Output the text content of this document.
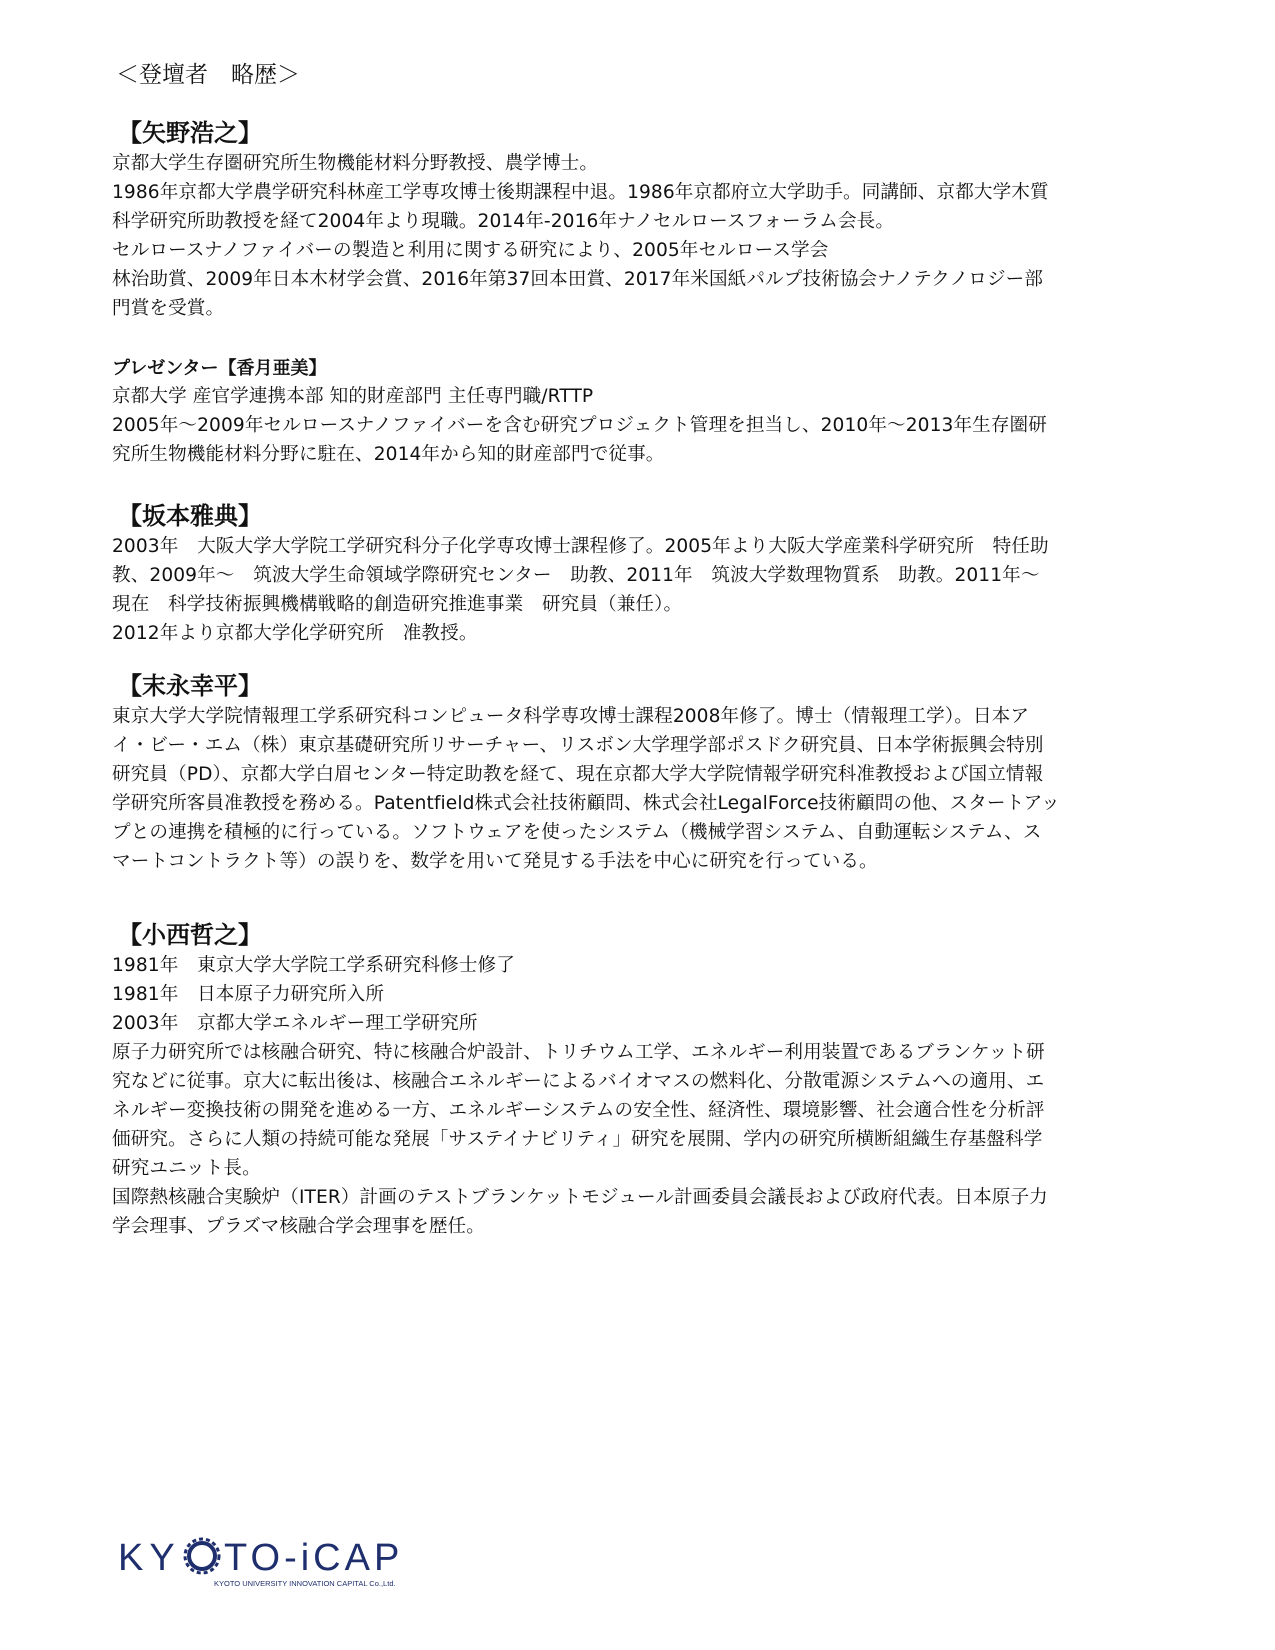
＜登壇者　略歴＞
【矢野浩之】
京都大学生存圏研究所生物機能材料分野教授、農学博士。
1986年京都大学農学研究科林産工学専攻博士後期課程中退。1986年京都府立大学助手。同講師、京都大学木質
科学研究所助教授を経て2004年より現職。2014年-2016年ナノセルロースフォーラム会長。
セルロースナノファイバーの製造と利用に関する研究により、2005年セルロース学会
林治助賞、2009年日本木材学会賞、2016年第37回本田賞、2017年米国紙パルプ技術協会ナノテクノロジー部
門賞を受賞。
プレゼンター【香月亜美】
京都大学 産官学連携本部 知的財産部門 主任専門職/RTTP
2005年～2009年セルロースナノファイバーを含む研究プロジェクト管理を担当し、2010年～2013年生存圏研
究所生物機能材料分野に駐在、2014年から知的財産部門で従事。
【坂本雅典】
2003年　大阪大学大学院工学研究科分子化学専攻博士課程修了。2005年より大阪大学産業科学研究所　特任助
教、2009年～　筑波大学生命領域学際研究センター　助教、2011年　筑波大学数理物質系　助教。2011年～
現在　科学技術振興機構戦略的創造研究推進事業　研究員（兼任）。
2012年より京都大学化学研究所　准教授。
【末永幸平】
東京大学大学院情報理工学系研究科コンピュータ科学専攻博士課程2008年修了。博士（情報理工学）。日本ア
イ・ビー・エム（株）東京基礎研究所リサーチャー、リスボン大学理学部ポスドク研究員、日本学術振興会特別
研究員（PD）、京都大学白眉センター特定助教を経て、現在京都大学大学院情報学研究科准教授および国立情報
学研究所客員准教授を務める。Patentfield株式会社技術顧問、株式会社LegalForce技術顧問の他、スタートアッ
プとの連携を積極的に行っている。ソフトウェアを使ったシステム（機械学習システム、自動運転システム、ス
マートコントラクト等）の誤りを、数学を用いて発見する手法を中心に研究を行っている。
【小西哲之】
1981年　東京大学大学院工学系研究科修士修了
1981年　日本原子力研究所入所
2003年　京都大学エネルギー理工学研究所
原子力研究所では核融合研究、特に核融合炉設計、トリチウム工学、エネルギー利用装置であるブランケット研
究などに従事。京大に転出後は、核融合エネルギーによるバイオマスの燃料化、分散電源システムへの適用、エ
ネルギー変換技術の開発を進める一方、エネルギーシステムの安全性、経済性、環境影響、社会適合性を分析評
価研究。さらに人類の持続可能な発展「サステイナビリティ」研究を展開、学内の研究所横断組織生存基盤科学
研究ユニット長。
国際熱核融合実験炉（ITER）計画のテストブランケットモジュール計画委員会議長および政府代表。日本原子力
学会理事、プラズマ核融合学会理事を歴任。
KY TO-iCAP
KYOTO UNIVERSITY INNOVATION CAPITAL Co.,Ltd.
